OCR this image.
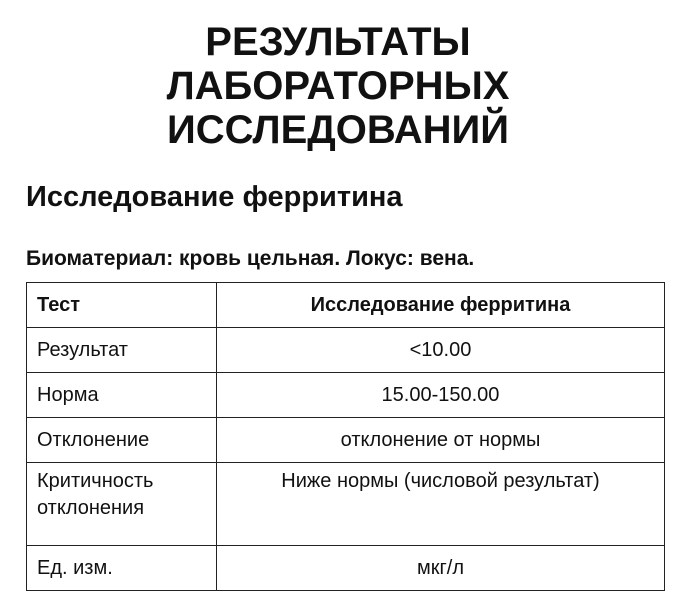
РЕЗУЛЬТАТЫ
ЛАБОРАТОРНЫХ
ИССЛЕДОВАНИЙ
Исследование ферритина

Биоматериал: кровь цельная. Локус: вена.

Тест	Исследование ферритина
Результат	<10.00
Норма	15.00-150.00
Отклонение	отклонение от нормы
Критичность отклонения	Ниже нормы (числовой результат)
Ед. изм.	мкг/л
